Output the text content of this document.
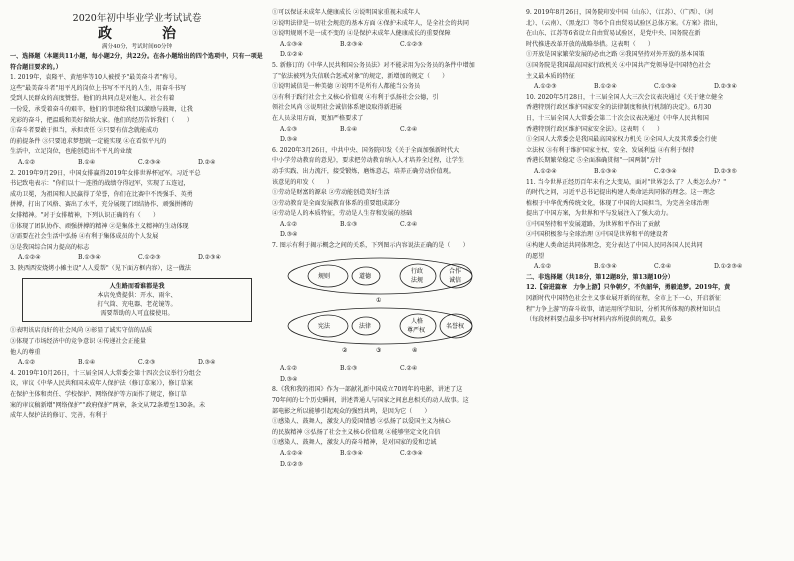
2020年初中毕业学业考试试卷

政　治

满分40分，考试时间60分钟

一、选择题（本题共11小题，每小题2分，共22分。在各小题给出的四个选项中，只有一项是符合题目要求的。）

1. 2019年，袁隆平、黄旭华等10人被授予"最美奋斗者"称号。

这些"最美奋斗者"用平凡的岗位上书写不平凡的人生，用奋斗书写

受到人民群众的高度赞誉。他们的共同点是对他人、社会有着

一份爱，承受着奋斗的艰辛，他们的事迹给我们以激励与鼓舞，让我

光彩的奋斗，把温暖和美好留给大家。他们的经历告诉我们（　　）

①奋斗者要敢于担当，承担责任 ②只要有信念就能成功

的前提条件 ③只要追求梦想就一定能实现 ④在看似平凡的

生活中，立足岗位，也能创造出不平凡的业绩

A.①②	B.①④	C.②③④	D.②④

2. 2019年9月29日，中国女排赢得2019年女排世界杯冠军。习近平总

书记致电表示："你们以十一连胜的战绩夺得冠军，实现了五连冠，

成功卫冕，为祖国和人民赢得了荣誉，你们在比赛中不畏强手、英勇

拼搏，打出了风格、赛出了水平，充分展现了团结协作、顽强拼搏的

女排精神。"对于女排精神，下列认识正确的有（　　）

①体现了团队协作、顽强拼搏的精神 ②是集体主义精神的生动体现

③需要在社会生活中弘扬 ④有利于集体成员的个人发展

③是我国综合国力提高的标志

A.①②④	B.①③④	C.①②③	D.②③④

3. 陕西西安烧烤小摊主设"人人爱帮"（见下面方框内容），这一做法

人生路而看谁都是我

本店免费提供：开水、雨伞、

打气筒、充电器、老花镜等。

需要帮助的人可直接使用。

①表明该店良好的社会风尚 ②彰显了诚实守信的品质

③体现了市场经济中的竞争意识 ④传递社会正能量

他人的尊重

A.①②	B.①④	C.②③	D.③④

4. 2019年10月26日，十三届全国人大常委会第十四次会议举行分组会

议，审议《中华人民共和国未成年人保护法（修订草案）》，修订草案

在保护主体和责任、学校保护、网络保护等方面作了规定，修订草

案的审议稿新增"网络保护""政府保护"两章，条文从72条增至130条。未

成年人保护法的修订、完善，有利于

①可以保证未成年人健康成长 ②说明国家重视未成年人

②说明法律是一切社会规范的基本方面 ④保护未成年人，是全社会的共同

③说明规则不是一成不变的 ④是保护未成年人健康成长的重要保障

A.①③④	B.②③④	C.①②③D.①②④

5. 新修订的《中华人民共和国公务员法》对不能录用为公务员的条件中增加

了"依法被列为失信联合惩戒对象"的规定，新增加的规定（　　）

①说明诚信是一种美德 ②说明不是所有人都能当公务员

③有利于践行社会主义核心价值观 ④有利于弘扬社会公德，引

领社会风尚 ③说明社会诚信体系建设取得新进展

在人员录用方面，更加严格要求了

A.①③	B.①④	C.②④D.③④

6. 2020年3月26日，中共中央、国务院印发《关于全面加强新时代大

中小学劳动教育的意见》，要求把劳动教育纳入人才培养全过程，让学生

动手实践、出力流汗，接受锻炼，磨炼意志，培养正确劳动价值观。

该意见的印发（　　）

①劳动是财富的源泉 ②劳动能创造美好生活

③劳动教育是全面发展教育体系的重要组成部分

④劳动是人的本质特征，劳动是人生存和发展的基础

A.①②	B.①③	C.②④D.③④

7. 图示有利于揭示概念之间的关系，下列图示内容说法正确的是（　　）

规则	道德
行政
法规
合作
诚信
①
宪法	法律
人格
尊严权
名誉权
②	③	④

A.①②	B.①③	C.②④D.③④

8.《我和我的祖国》作为一部献礼新中国成立70周年的电影，讲述了这

70年间的七个历史瞬间，讲述普通人与国家之间息息相关的动人故事。这

部电影之所以能够引起观众的强烈共鸣，是因为它（　　）

①感染人、鼓舞人，激发人的爱国情感 ②弘扬了以爱国主义为核心

的民族精神 ③弘扬了社会主义核心价值观 ④能够坚定文化自信

①感染人、鼓舞人，激发人的奋斗精神，是对国家的爱和忠诚

A.①②④	B.①③④	C.②③④D.①②③

9. 2019年8月26日，国务院印发中国（山东）、（江苏）、（广西）、（河

北）、（云南）、（黑龙江）等6个自由贸易试验区总体方案。《方案》指出，

在山东、江苏等6省设立自由贸易试验区，是党中央、国务院在新

时代推进改革开放的战略举措。这表明（　　）

①开放是国家繁荣发展的必由之路 ②我国坚持对外开放的基本国策

③国务院是我国最高国家行政机关 ④中国共产党领导是中国特色社会

主义最本质的特征

A.①②③	B.①②④	C.①③④	D.②③④

10. 2020年5月28日，十三届全国人大三次会议表决通过《关于建立健全

香港特别行政区维护国家安全的法律制度和执行机制的决定》。6月30

日，十三届全国人大常委会第二十次会议表决通过《中华人民共和国

香港特别行政区维护国家安全法》。这表明（　　）

①全国人大常委会是我国最高国家权力机关 ②全国人大及其常委会行使

立法权 ③有利于维护国家主权、安全、发展利益 ④有利于保持

香港长期繁荣稳定 ⑤全面准确贯彻"一国两制"方针

A.①②④	B.①③④	C.②③④	D.②③⑤

11. 当今世界正经历百年未有之大变局，面对"世界怎么了？人类怎么办？"

的时代之问，习近平总书记提出构建人类命运共同体的理念。这一理念

植根于中华优秀传统文化，体现了中国的大国担当，为完善全球治理

提出了中国方案，为世界和平与发展注入了强大动力。

①中国坚持和平发展道路，为世界和平作出了贡献

②中国积极参与全球治理 ③中国是世界和平的建设者

④构建人类命运共同体理念，充分表达了中国人民同各国人民共同

的愿望

A.①②	B.①③④	C.②④	D.①②③④

二、非选择题（共18分，第12题8分，第13题10分）

12.【奋进篇章　力争上游】只争朝夕，不负韶华，勇毅追梦。2019年，黄

冈新时代中国特色社会主义事业展开新的征程，全市上下一心，开启新征

程"力争上游"的奋斗故事，请运用所学知识，分析其所体现的教材知识点

（每段材料要点最多书写材料内容所提供的观点，最多
